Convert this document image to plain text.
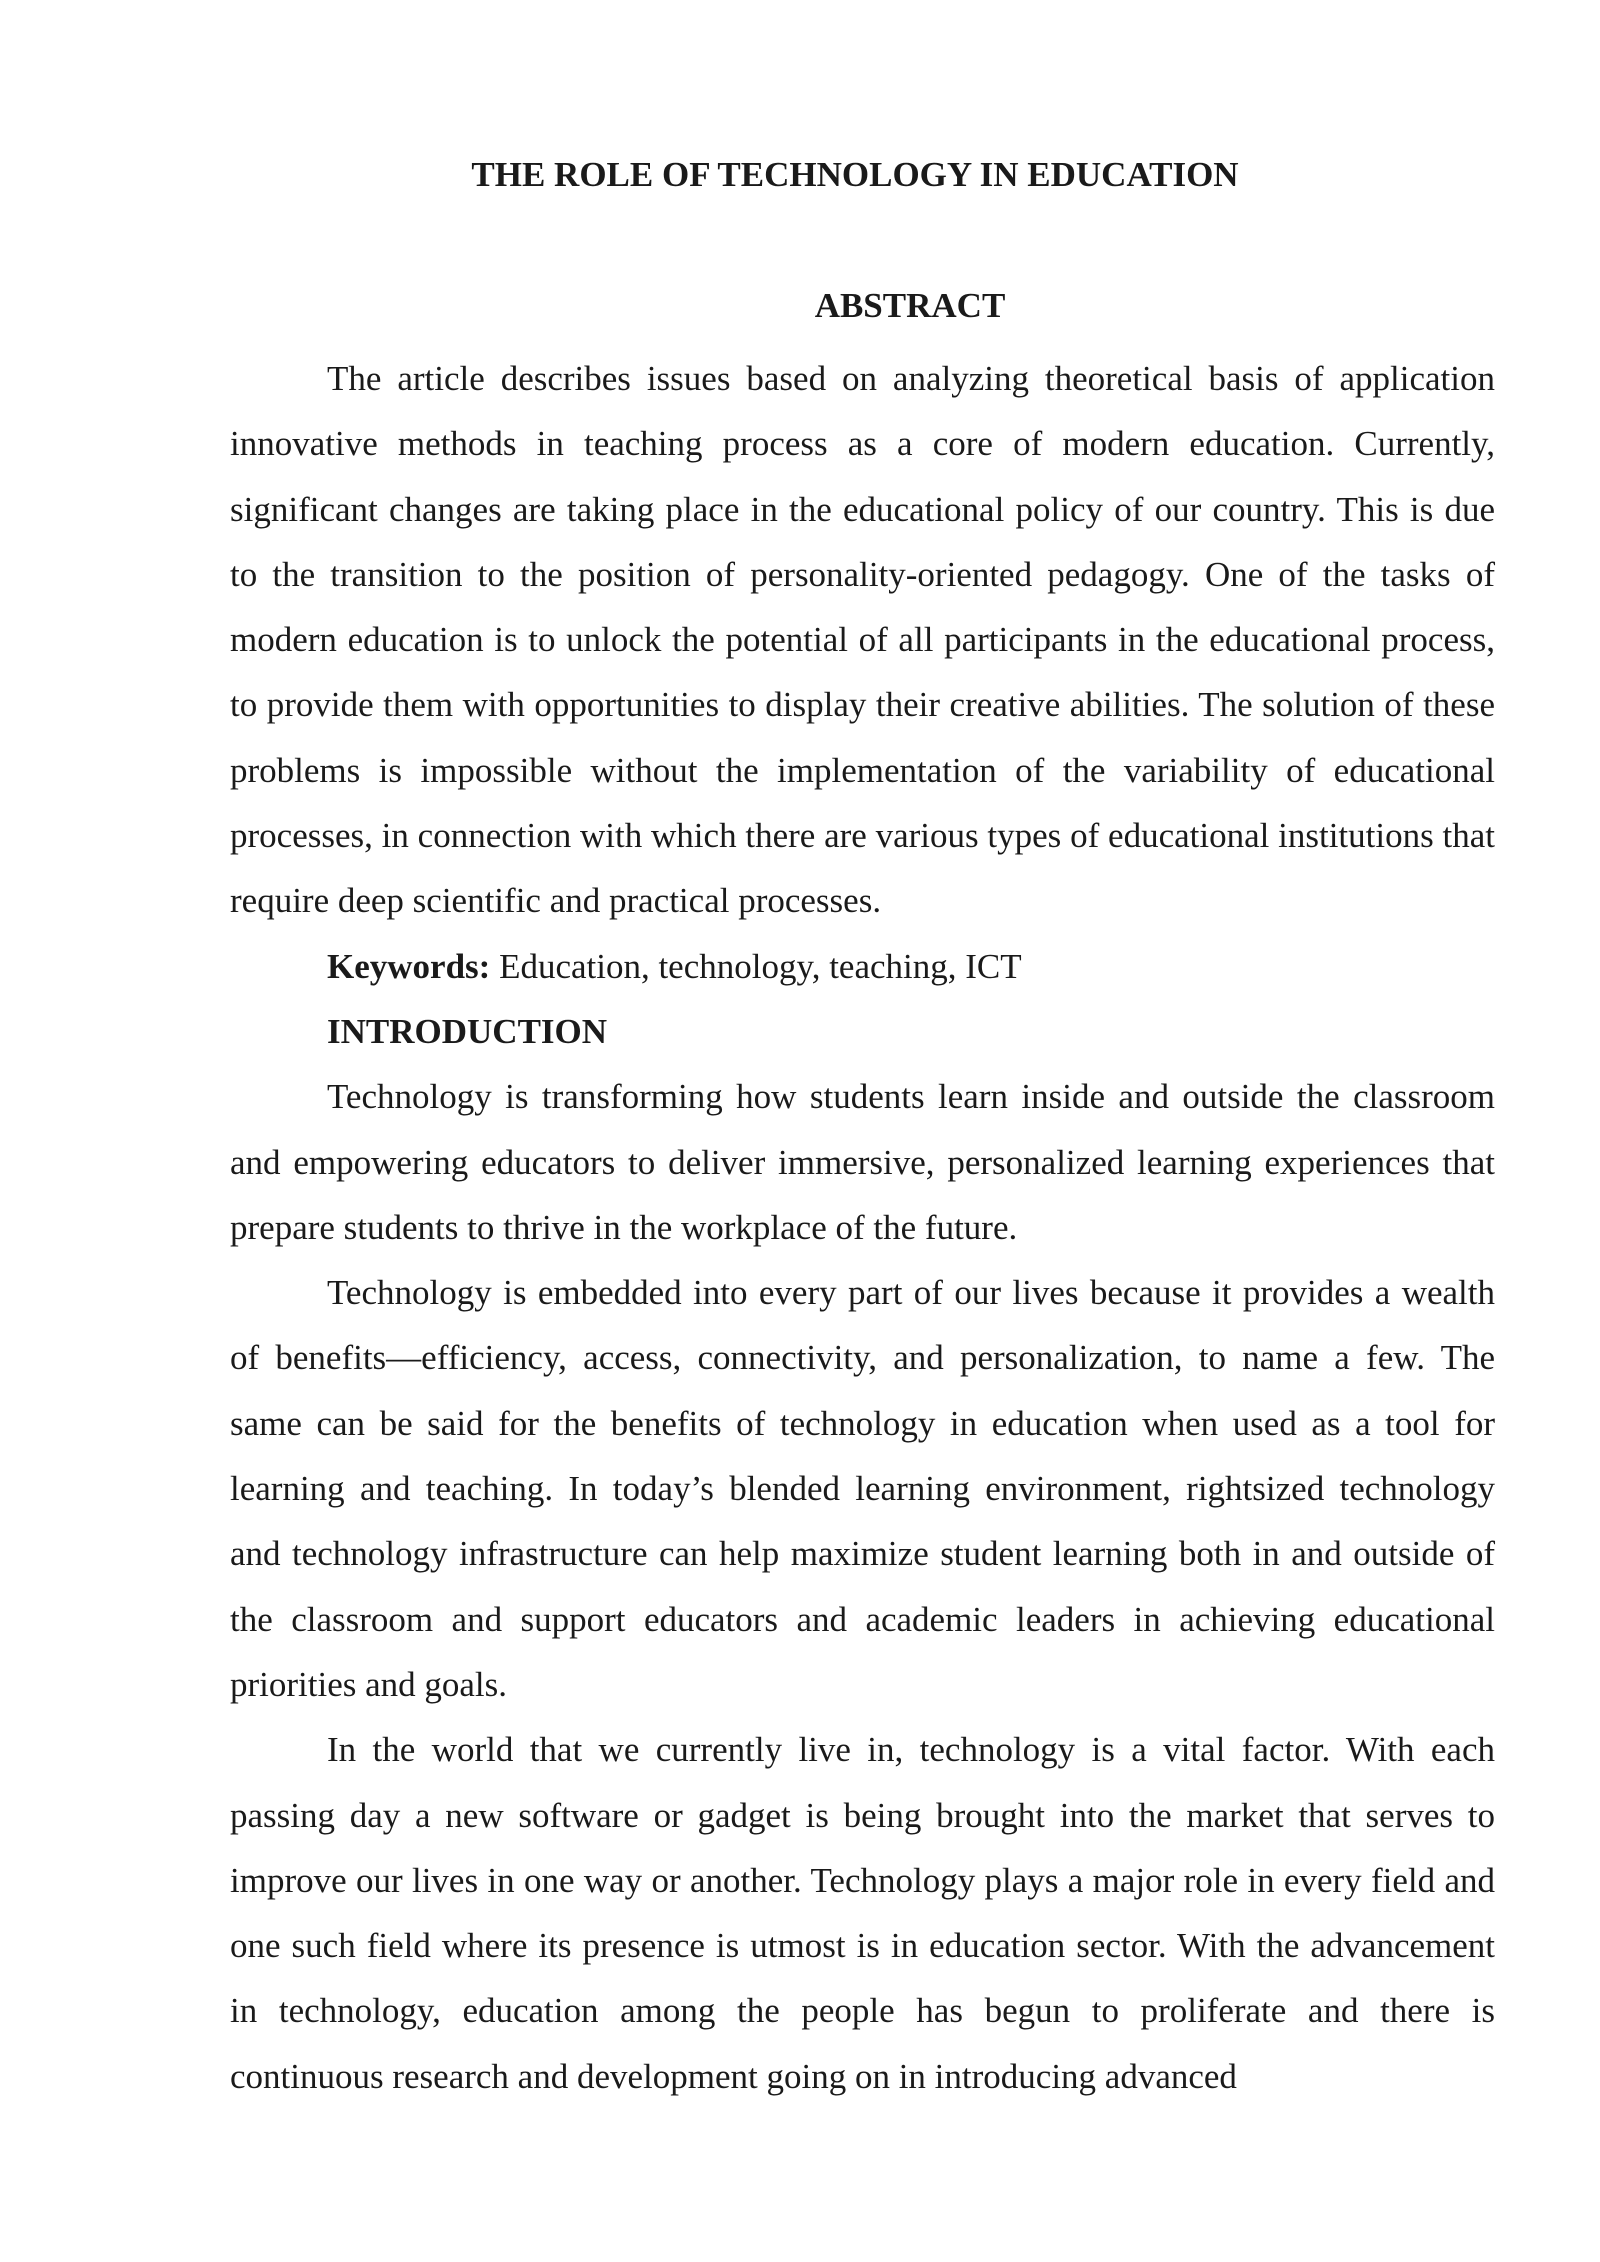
THE ROLE OF TECHNOLOGY IN EDUCATION
ABSTRACT

The article describes issues based on analyzing theoretical basis of application innovative methods in teaching process as a core of modern education. Currently, significant changes are taking place in the educational policy of our country. This is due to the transition to the position of personality-oriented pedagogy. One of the tasks of modern education is to unlock the potential of all participants in the educational process, to provide them with opportunities to display their creative abilities. The solution of these problems is impossible without the implementation of the variability of educational processes, in connection with which there are various types of educational institutions that require deep scientific and practical processes.

Keywords: Education, technology, teaching, ICT

INTRODUCTION

Technology is transforming how students learn inside and outside the classroom and empowering educators to deliver immersive, personalized learning experiences that prepare students to thrive in the workplace of the future.

Technology is embedded into every part of our lives because it provides a wealth of benefits—efficiency, access, connectivity, and personalization, to name a few. The same can be said for the benefits of technology in education when used as a tool for learning and teaching. In today’s blended learning environment, rightsized technology and technology infrastructure can help maximize student learning both in and outside of the classroom and support educators and academic leaders in achieving educational priorities and goals.

In the world that we currently live in, technology is a vital factor. With each passing day a new software or gadget is being brought into the market that serves to improve our lives in one way or another. Technology plays a major role in every field and one such field where its presence is utmost is in education sector. With the advancement in technology, education among the people has begun to proliferate and there is continuous research and development going on in introducing advanced
